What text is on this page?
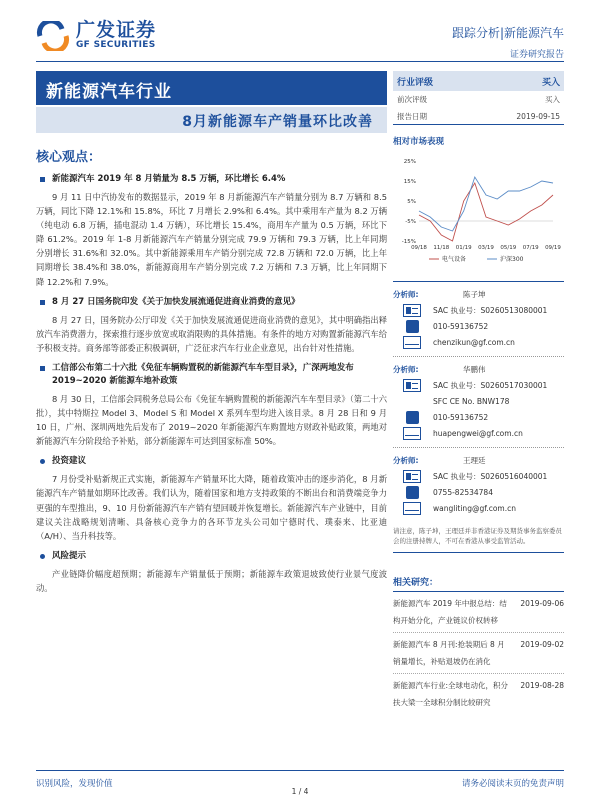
广发证券
GF SECURITIES
跟踪分析|新能源汽车
证券研究报告
新能源汽车行业
8月新能源车产销量环比改善
核心观点：
新能源汽车 2019 年 8 月销量为 8.5 万辆，环比增长 6.4%
9 月 11 日中汽协发布的数据显示，2019 年 8 月新能源汽车产销量分别为 8.7 万辆和 8.5 万辆，同比下降 12.1%和 15.8%，环比 7 月增长 2.9%和 6.4%。其中乘用车产量为 8.2 万辆（纯电动 6.8 万辆，插电混动 1.4 万辆），环比增长 15.4%，商用车产量为 0.5 万辆，环比下降 61.2%。2019 年 1-8 月新能源汽车产销量分别完成 79.9 万辆和 79.3 万辆，比上年同期分别增长 31.6%和 32.0%。其中新能源乘用车产销分别完成 72.8 万辆和 72.0 万辆，比上年同期增长 38.4%和 38.0%，新能源商用车产销分别完成 7.2 万辆和 7.3 万辆，比上年同期下降 12.2%和 7.9%。
8 月 27 日国务院印发《关于加快发展流通促进商业消费的意见》
8 月 27 日，国务院办公厅印发《关于加快发展流通促进商业消费的意见》，其中明确指出释放汽车消费潜力，探索推行逐步放宽或取消限购的具体措施。有条件的地方对购置新能源汽车给予积极支持。商务部等部委正积极调研，广泛征求汽车行业企业意见，出台针对性措施。
工信部公布第二十六批《免征车辆购置税的新能源汽车车型目录》，广深两地发布 2019~2020 新能源车地补政策
8 月 30 日，工信部会同税务总局公布《免征车辆购置税的新能源汽车车型目录》（第二十六批），其中特斯拉 Model 3、Model S 和 Model X 系列车型均进入该目录。8 月 28 日和 9 月 10 日，广州、深圳两地先后发布了 2019~2020 年新能源汽车购置地方财政补贴政策，两地对新能源汽车分阶段给予补贴，部分新能源车可达到国家标准 50%。
投资建议
7 月份受补贴新规正式实施，新能源车产销量环比大降，随着政策冲击的逐步消化，8 月新能源汽车产销量如期环比改善。我们认为，随着国家和地方支持政策的不断出台和消费端竞争力更强的车型推出，9、10 月份新能源汽车产销有望回暖并恢复增长。新能源汽车产业链中，目前建议关注战略规划清晰、具备核心竞争力的各环节龙头公司如宁德时代、璞泰来、比亚迪（A/H）、当升科技等。
风险提示
产业链降价幅度超预期；新能源车产销量低于预期；新能源车政策退坡致使行业景气度波动。
行业评级	买入
前次评级	买入
报告日期	2019-09-15
相对市场表现
25%
15%
5%
-5%
-15%
09/18 11/18 01/19 03/19 05/19 07/19 09/19
电气设备	沪深300
分析师:	陈子坤
SAC 执业号：S0260513080001
010-59136752
chenzikun@gf.com.cn
分析师:	华鹏伟
SAC 执业号：S0260517030001
SFC CE No. BNW178
010-59136752
huapengwei@gf.com.cn
分析师:	王理廷
SAC 执业号：S0260516040001
0755-82534784
wangliting@gf.com.cn
请注意，陈子坤，王理廷并非香港证券及期货事务监察委员会的注册持牌人，不可在香港从事受监管活动。
相关研究：
新能源汽车 2019 年中报总结：结构开始分化，产业链议价权转移
2019-09-06
新能源汽车 8 月刊:抢装期后 8 月销量增长，补贴退坡仍在消化
2019-09-02
新能源汽车行业:全球电动化，积分扶大梁一全球积分制比较研究
2019-08-28
识别风险，发现价值	请务必阅读末页的免责声明
1 / 4
